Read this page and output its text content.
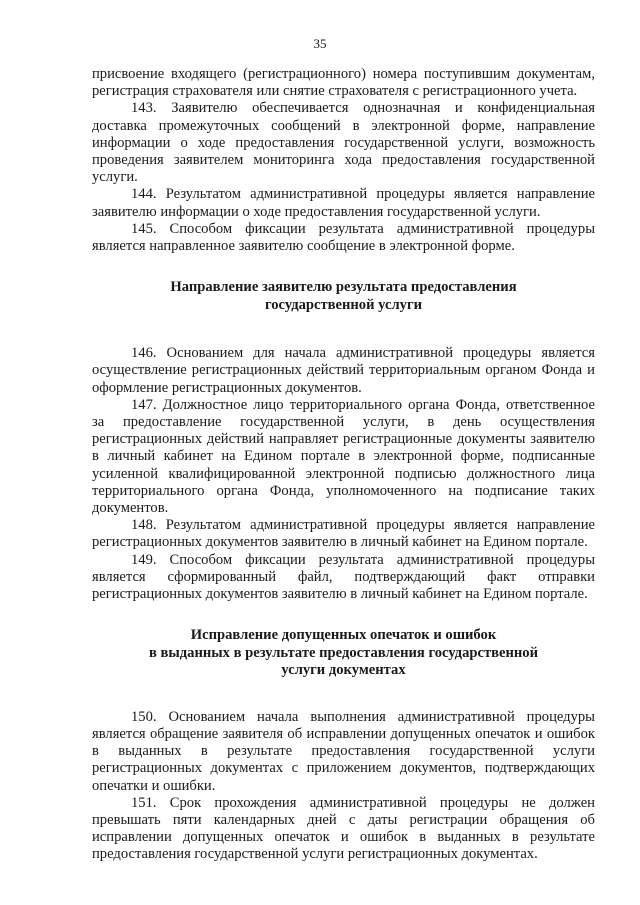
35

присвоение входящего (регистрационного) номера поступившим документам, регистрация страхователя или снятие страхователя с регистрационного учета.

143. Заявителю обеспечивается однозначная и конфиденциальная доставка промежуточных сообщений в электронной форме, направление информации о ходе предоставления государственной услуги, возможность проведения заявителем мониторинга хода предоставления государственной услуги.

144. Результатом административной процедуры является направление заявителю информации о ходе предоставления государственной услуги.

145. Способом фиксации результата административной процедуры является направленное заявителю сообщение в электронной форме.

Направление заявителю результата предоставления
государственной услуги

146. Основанием для начала административной процедуры является осуществление регистрационных действий территориальным органом Фонда и оформление регистрационных документов.

147. Должностное лицо территориального органа Фонда, ответственное за предоставление государственной услуги, в день осуществления регистрационных действий направляет регистрационные документы заявителю в личный кабинет на Едином портале в электронной форме, подписанные усиленной квалифицированной электронной подписью должностного лица территориального органа Фонда, уполномоченного на подписание таких документов.

148. Результатом административной процедуры является направление регистрационных документов заявителю в личный кабинет на Едином портале.

149. Способом фиксации результата административной процедуры является сформированный файл, подтверждающий факт отправки регистрационных документов заявителю в личный кабинет на Едином портале.

Исправление допущенных опечаток и ошибок
в выданных в результате предоставления государственной
услуги документах

150. Основанием начала выполнения административной процедуры является обращение заявителя об исправлении допущенных опечаток и ошибок в выданных в результате предоставления государственной услуги регистрационных документах с приложением документов, подтверждающих опечатки и ошибки.

151. Срок прохождения административной процедуры не должен превышать пяти календарных дней с даты регистрации обращения об исправлении допущенных опечаток и ошибок в выданных в результате предоставления государственной услуги регистрационных документах.
